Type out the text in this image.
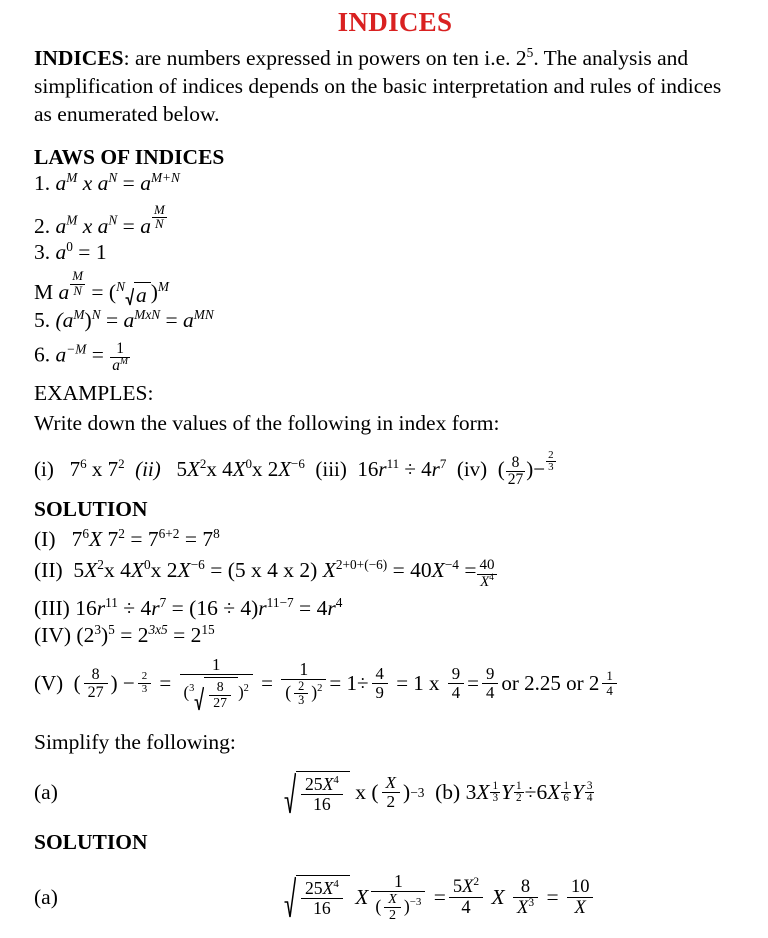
INDICES

INDICES: are numbers expressed in powers on ten i.e. $2^5$. The analysis and simplification of indices depends on the basic interpretation and rules of indices as enumerated below.

LAWS OF INDICES
1. $a^M$ x $a^N = a^{M+N}$
2. $a^M$ x $a^N = a \frac{M}{N}$
3. $a^0 = 1$
M a $\frac{M}{N} = (^N$ a )$^M$
5. $(a^M)^N = a^{MxN} = a^{MN}$
6. $a^{-M} = \frac{1}{a^M}$
EXAMPLES:
Write down the values of the following in index form:
(i) $7^6$ x $7^2$ (ii) $5X^2x$ $4X^0x$ $2X^{-6}$ (iii) $16r^{11} \div 4r^7$ (iv) ( $\frac{8}{27}$ )− $\frac{2}{3}$
SOLUTION
(I) $7^6X$ $7^2 = 7^{6+2} = 7^8$
(II) $5X^2x$ $4X^0x$ $2X^{-6} = (5$ x 4 x 2) $X^{2+0+(-6)} = 40X^{-4} = \frac{40}{X^4}$
(III) $16r^{11} \div 4r^7 = (16 \div 4)r^{11-7} = 4r^4$
(IV) $(2^3)^5 = 2^{3x5} = 2^{15}$
(V)
( 8
27 ) − $\frac{2}{3}$ =
1
($^3$	8
27
)$^2 = \frac{1}{( \frac{2}{3} )^2} = 1 \div \frac{4}{9} = 1$
x
9
4 = 9
4 or
2.25
or
2 1
4
Simplify the following:
(a)	$25X^4$
16
	x
( X
2 ) −3
(b)
3 X $\frac{1}{3}$ Y $\frac{1}{2} \div 6$ X $\frac{1}{6}$ Y $\frac{3}{4}$
SOLUTION
(a)	$25X^4$
16
	X $\frac{1}{( \frac{X}{2} )^{-3}}$
= $\frac{5X^2}{4}$
X
$\frac{8}{X^3}$
=
$\frac{10}{X}$
